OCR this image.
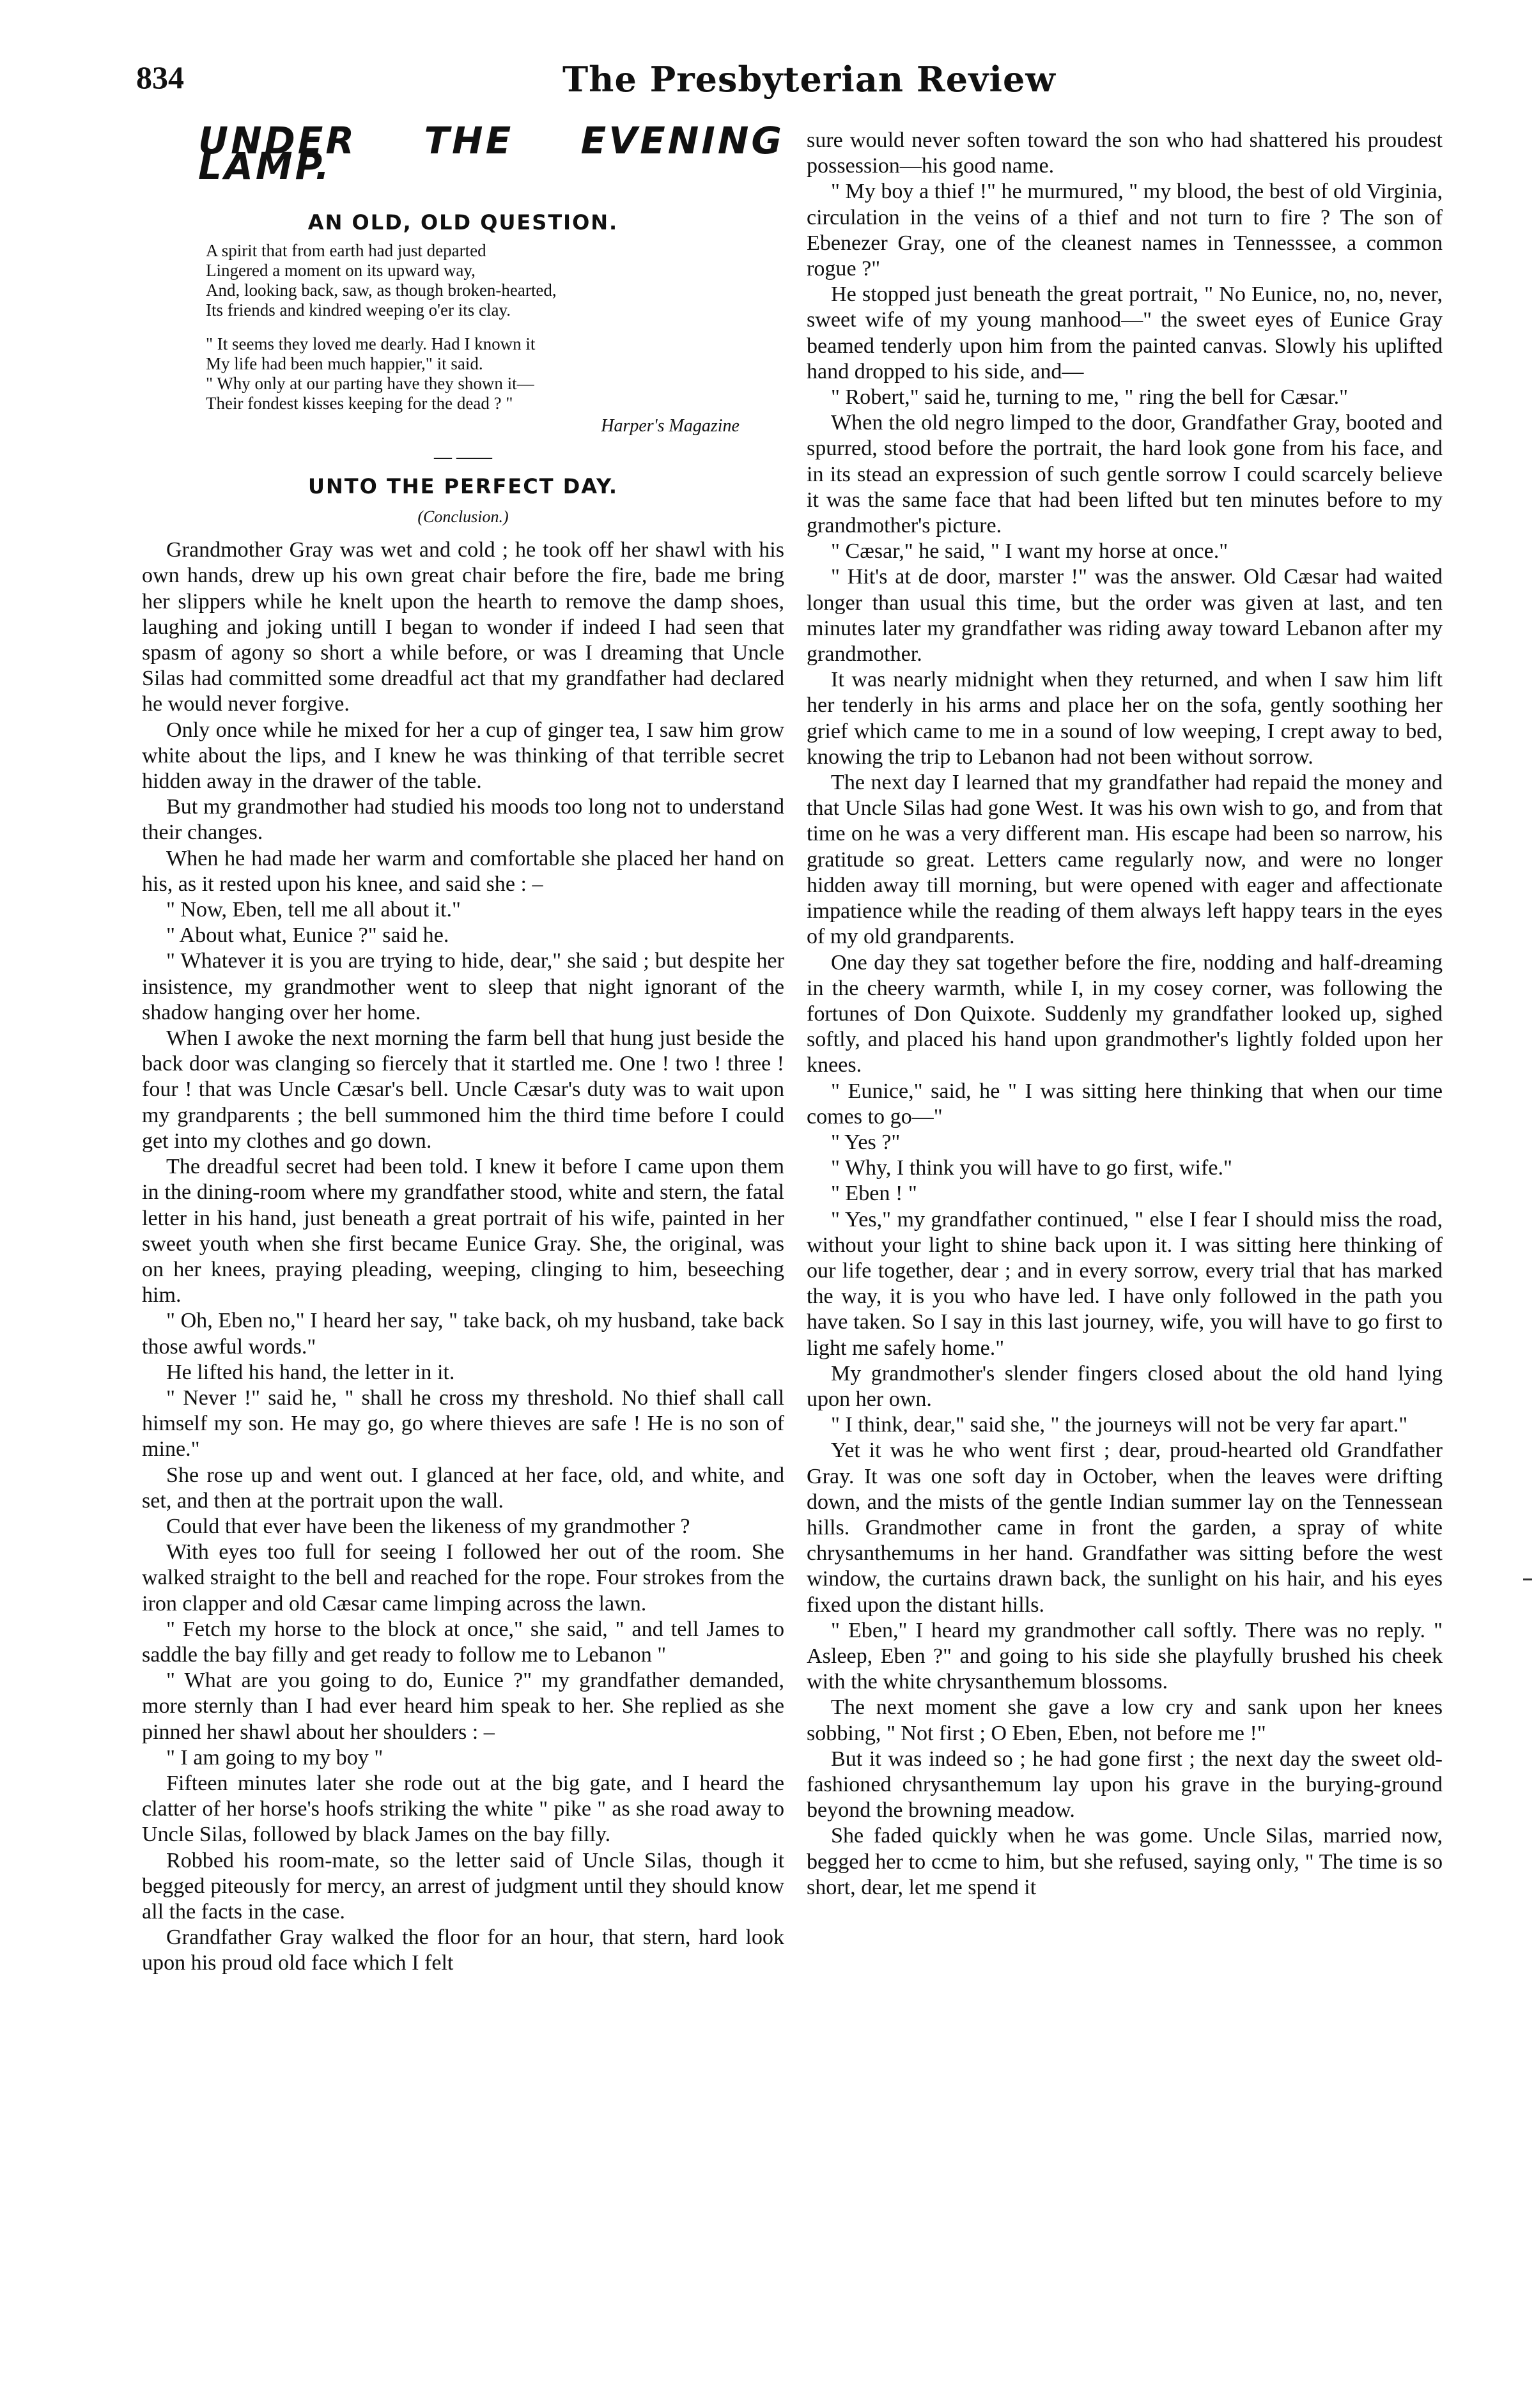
834	The Presbyterian Review
UNDER THE EVENING LAMP.
AN OLD, OLD QUESTION.
A spirit that from earth had just departed
Lingered a moment on its upward way,
And, looking back, saw, as though broken-hearted,
Its friends and kindred weeping o'er its clay.
" It seems they loved me dearly. Had I known it
My life had been much happier," it said.
" Why only at our parting have they shown it—
Their fondest kisses keeping for the dead ? "
Harper's Magazine
— ——
UNTO THE PERFECT DAY.
(Conclusion.)

Grandmother Gray was wet and cold ; he took off her shawl with his own hands, drew up his own great chair before the fire, bade me bring her slippers while he knelt upon the hearth to remove the damp shoes, laughing and joking untill I began to wonder if indeed I had seen that spasm of agony so short a while before, or was I dreaming that Uncle Silas had committed some dreadful act that my grandfather had declared he would never forgive.

Only once while he mixed for her a cup of ginger tea, I saw him grow white about the lips, and I knew he was thinking of that terrible secret hidden away in the drawer of the table.

But my grandmother had studied his moods too long not to understand their changes.

When he had made her warm and comfortable she placed her hand on his, as it rested upon his knee, and said she : –

" Now, Eben, tell me all about it."

" About what, Eunice ?" said he.

" Whatever it is you are trying to hide, dear," she said ; but despite her insistence, my grandmother went to sleep that night ignorant of the shadow hanging over her home.

When I awoke the next morning the farm bell that hung just beside the back door was clanging so fiercely that it startled me. One ! two ! three ! four ! that was Uncle Cæsar's bell. Uncle Cæsar's duty was to wait upon my grandparents ; the bell summoned him the third time before I could get into my clothes and go down.

The dreadful secret had been told. I knew it before I came upon them in the dining-room where my grandfather stood, white and stern, the fatal letter in his hand, just beneath a great portrait of his wife, painted in her sweet youth when she first became Eunice Gray. She, the original, was on her knees, praying pleading, weeping, clinging to him, beseeching him.

" Oh, Eben no," I heard her say, " take back, oh my husband, take back those awful words."

He lifted his hand, the letter in it.

" Never !" said he, " shall he cross my threshold. No thief shall call himself my son. He may go, go where thieves are safe ! He is no son of mine."

She rose up and went out. I glanced at her face, old, and white, and set, and then at the portrait upon the wall.

Could that ever have been the likeness of my grandmother ?

With eyes too full for seeing I followed her out of the room. She walked straight to the bell and reached for the rope. Four strokes from the iron clapper and old Cæsar came limping across the lawn.

" Fetch my horse to the block at once," she said, " and tell James to saddle the bay filly and get ready to follow me to Lebanon "

" What are you going to do, Eunice ?" my grandfather demanded, more sternly than I had ever heard him speak to her. She replied as she pinned her shawl about her shoulders : –

" I am going to my boy "

Fifteen minutes later she rode out at the big gate, and I heard the clatter of her horse's hoofs striking the white " pike " as she road away to Uncle Silas, followed by black James on the bay filly.

Robbed his room-mate, so the letter said of Uncle Silas, though it begged piteously for mercy, an arrest of judgment until they should know all the facts in the case.

Grandfather Gray walked the floor for an hour, that stern, hard look upon his proud old face which I felt

sure would never soften toward the son who had shattered his proudest possession—his good name.

" My boy a thief !" he murmured, " my blood, the best of old Virginia, circulation in the veins of a thief and not turn to fire ? The son of Ebenezer Gray, one of the cleanest names in Tennesssee, a common rogue ?"

He stopped just beneath the great portrait, " No Eunice, no, no, never, sweet wife of my young manhood—" the sweet eyes of Eunice Gray beamed tenderly upon him from the painted canvas. Slowly his uplifted hand dropped to his side, and—

" Robert," said he, turning to me, " ring the bell for Cæsar."

When the old negro limped to the door, Grandfather Gray, booted and spurred, stood before the portrait, the hard look gone from his face, and in its stead an expression of such gentle sorrow I could scarcely believe it was the same face that had been lifted but ten minutes before to my grandmother's picture.

" Cæsar," he said, " I want my horse at once."

" Hit's at de door, marster !" was the answer. Old Cæsar had waited longer than usual this time, but the order was given at last, and ten minutes later my grandfather was riding away toward Lebanon after my grandmother.

It was nearly midnight when they returned, and when I saw him lift her tenderly in his arms and place her on the sofa, gently soothing her grief which came to me in a sound of low weeping, I crept away to bed, knowing the trip to Lebanon had not been without sorrow.

The next day I learned that my grandfather had repaid the money and that Uncle Silas had gone West. It was his own wish to go, and from that time on he was a very different man. His escape had been so narrow, his gratitude so great. Letters came regularly now, and were no longer hidden away till morning, but were opened with eager and affectionate impatience while the reading of them always left happy tears in the eyes of my old grandparents.

One day they sat together before the fire, nodding and half-dreaming in the cheery warmth, while I, in my cosey corner, was following the fortunes of Don Quixote. Suddenly my grandfather looked up, sighed softly, and placed his hand upon grandmother's lightly folded upon her knees.

" Eunice," said, he " I was sitting here thinking that when our time comes to go—"

" Yes ?"

" Why, I think you will have to go first, wife."

" Eben ! "

" Yes," my grandfather continued, " else I fear I should miss the road, without your light to shine back upon it. I was sitting here thinking of our life together, dear ; and in every sorrow, every trial that has marked the way, it is you who have led. I have only followed in the path you have taken. So I say in this last journey, wife, you will have to go first to light me safely home."

My grandmother's slender fingers closed about the old hand lying upon her own.

" I think, dear," said she, " the journeys will not be very far apart."

Yet it was he who went first ; dear, proud-hearted old Grandfather Gray. It was one soft day in October, when the leaves were drifting down, and the mists of the gentle Indian summer lay on the Tennessean hills. Grandmother came in front the garden, a spray of white chrysanthemums in her hand. Grandfather was sitting before the west window, the curtains drawn back, the sunlight on his hair, and his eyes fixed upon the distant hills.

" Eben," I heard my grandmother call softly. There was no reply. " Asleep, Eben ?" and going to his side she playfully brushed his cheek with the white chrysanthemum blossoms.

The next moment she gave a low cry and sank upon her knees sobbing, " Not first ; O Eben, Eben, not before me !"

But it was indeed so ; he had gone first ; the next day the sweet old-fashioned chrysanthemum lay upon his grave in the burying-ground beyond the browning meadow.

She faded quickly when he was gome. Uncle Silas, married now, begged her to ccme to him, but she refused, saying only, " The time is so short, dear, let me spend it
